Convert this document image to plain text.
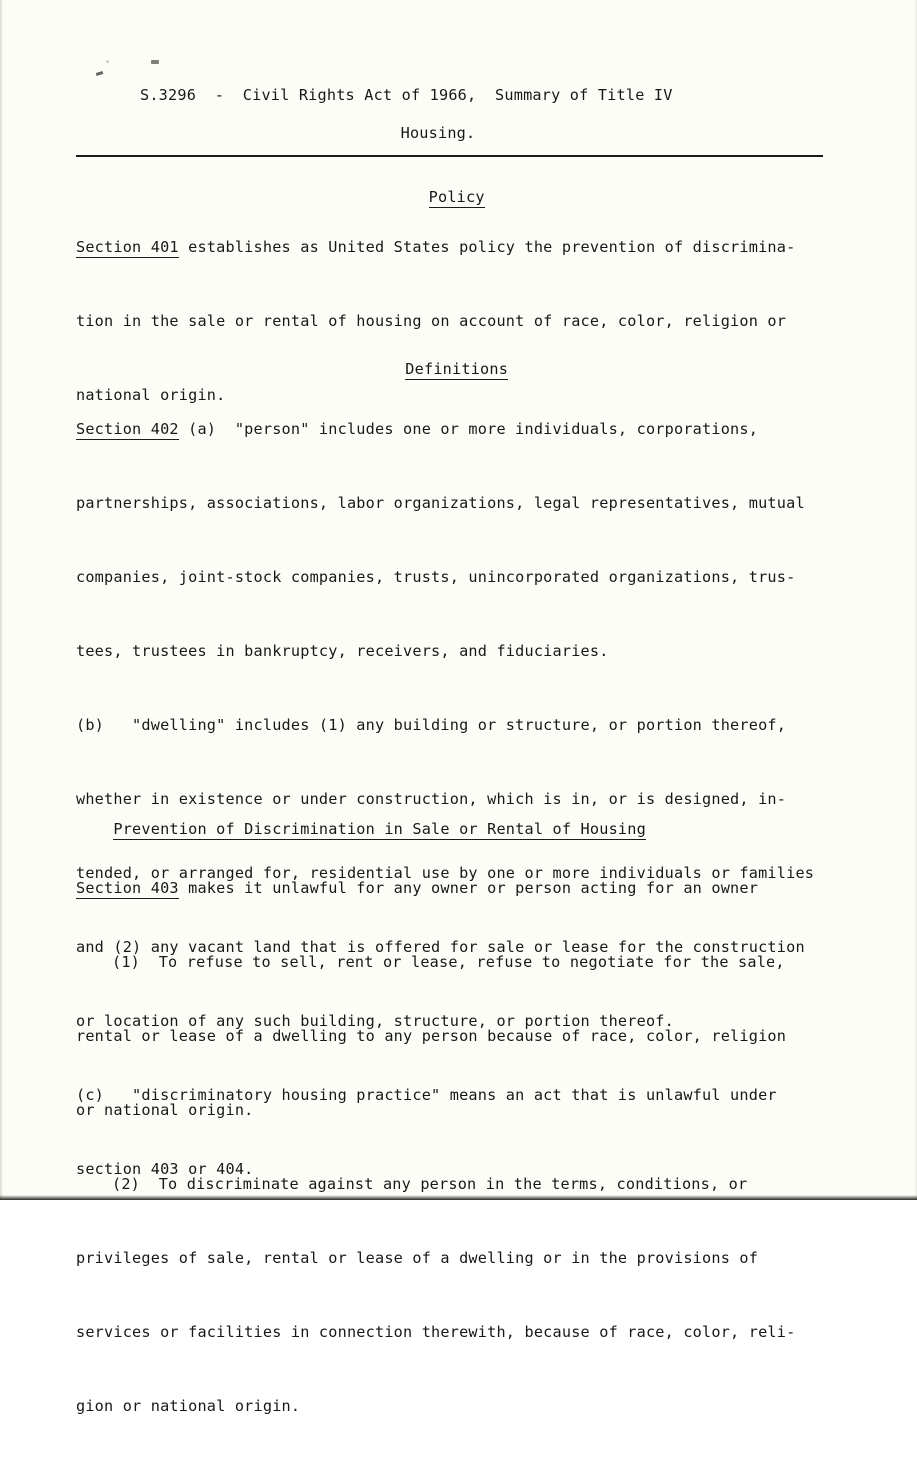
S.3296  -  Civil Rights Act of 1966,  Summary of Title IV
Housing.

Policy

Section 401 establishes as United States policy the prevention of discrimina-

tion in the sale or rental of housing on account of race, color, religion or

national origin.

Definitions

Section 402 (a)  "person" includes one or more individuals, corporations,

partnerships, associations, labor organizations, legal representatives, mutual

companies, joint-stock companies, trusts, unincorporated organizations, trus-

tees, trustees in bankruptcy, receivers, and fiduciaries.

(b)   "dwelling" includes (1) any building or structure, or portion thereof,

whether in existence or under construction, which is in, or is designed, in-

tended, or arranged for, residential use by one or more individuals or families

and (2) any vacant land that is offered for sale or lease for the construction

or location of any such building, structure, or portion thereof.

(c)   "discriminatory housing practice" means an act that is unlawful under

section 403 or 404.

Prevention of Discrimination in Sale or Rental of Housing

Section 403 makes it unlawful for any owner or person acting for an owner

(1)  To refuse to sell, rent or lease, refuse to negotiate for the sale,

rental or lease of a dwelling to any person because of race, color, religion

or national origin.

(2)  To discriminate against any person in the terms, conditions, or

privileges of sale, rental or lease of a dwelling or in the provisions of

services or facilities in connection therewith, because of race, color, reli-

gion or national origin.
